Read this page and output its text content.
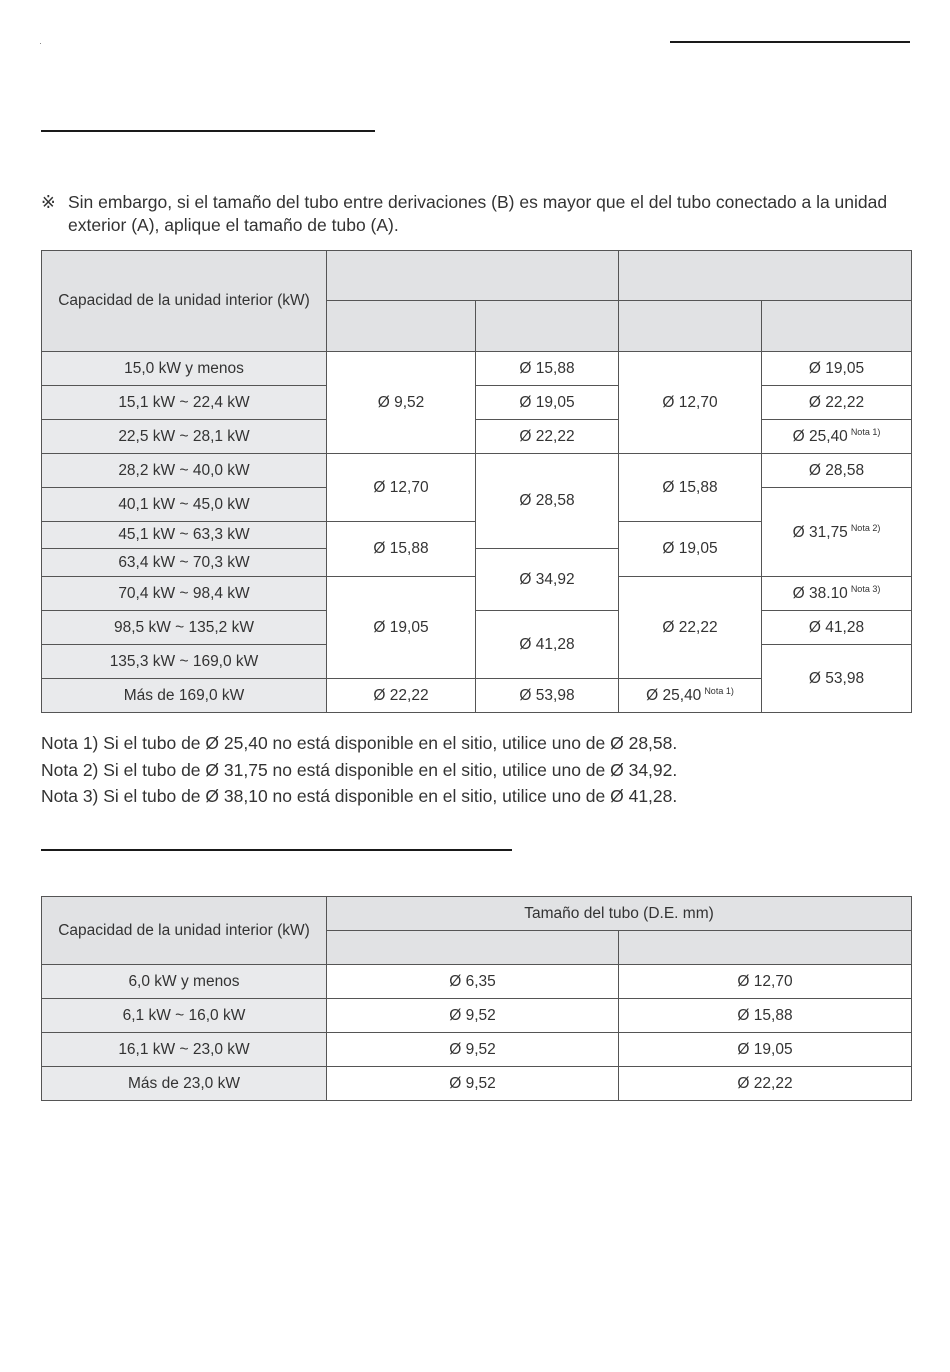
※ Sin embargo, si el tamaño del tubo entre derivaciones (B) es mayor que el del tubo conectado a la unidad exterior (A), aplique el tamaño de tubo (A).
Capacidad de la unidad interior (kW)				

15,0 kW y menos	Ø 9,52	Ø 15,88	Ø 12,70	Ø 19,05
15,1 kW ~ 22,4 kW		Ø 19,05		Ø 22,22
22,5 kW ~ 28,1 kW		Ø 22,22		Ø 25,40 $^{Nota 1)}$
28,2 kW ~ 40,0 kW	Ø 12,70	Ø 28,58	Ø 15,88	Ø 28,58
40,1 kW ~ 45,0 kW				Ø 31,75 $^{Nota 2)}$
45,1 kW ~ 63,3 kW	Ø 15,88		Ø 19,05	
63,4 kW ~ 70,3 kW		Ø 34,92		
70,4 kW ~ 98,4 kW	Ø 19,05		Ø 22,22	Ø 38.10 $^{Nota 3)}$
98,5 kW ~ 135,2 kW		Ø 41,28		Ø 41,28
135,3 kW ~ 169,0 kW				Ø 53,98
Más de 169,0 kW	Ø 22,22	Ø 53,98	Ø 25,40 $^{Nota 1)}$
Nota 1) Si el tubo de Ø 25,40 no está disponible en el sitio, utilice uno de Ø 28,58.
Nota 2) Si el tubo de Ø 31,75 no está disponible en el sitio, utilice uno de Ø 34,92.
Nota 3) Si el tubo de Ø 38,10 no está disponible en el sitio, utilice uno de Ø 41,28.
Capacidad de la unidad interior (kW)	Tamaño del tubo (D.E. mm)	

6,0 kW y menos	Ø 6,35	Ø 12,70
6,1 kW ~ 16,0 kW	Ø 9,52	Ø 15,88
16,1 kW ~ 23,0 kW	Ø 9,52	Ø 19,05
Más de 23,0 kW	Ø 9,52	Ø 22,22
